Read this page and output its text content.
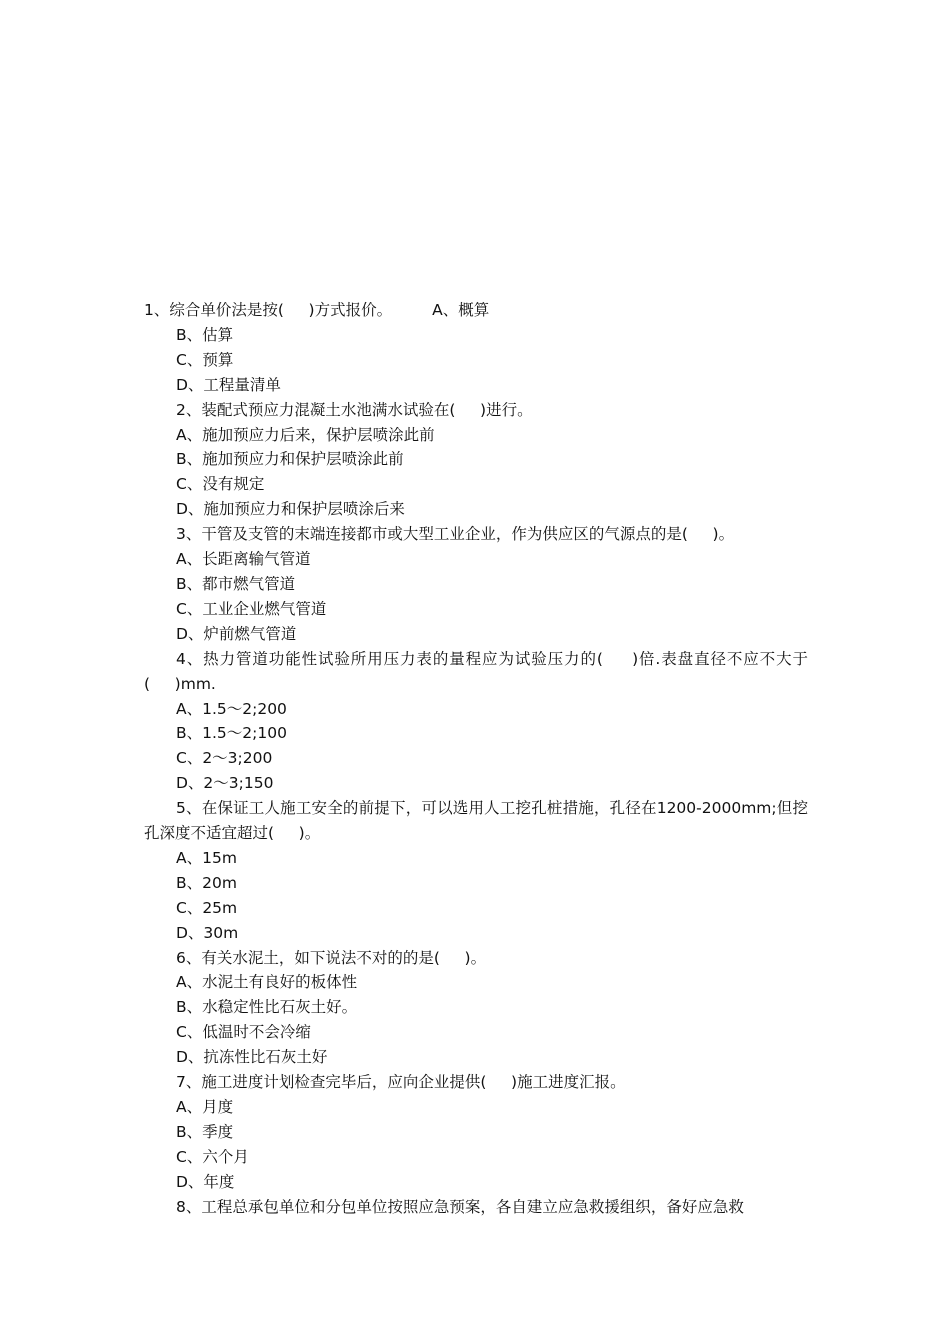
1、综合单价法是按(     )方式报价。	A、概算
B、估算
C、预算
D、工程量清单
2、装配式预应力混凝土水池满水试验在(     )进行。
A、施加预应力后来，保护层喷涂此前
B、施加预应力和保护层喷涂此前
C、没有规定
D、施加预应力和保护层喷涂后来
3、干管及支管的末端连接都市或大型工业企业，作为供应区的气源点的是(     )。
A、长距离输气管道
B、都市燃气管道
C、工业企业燃气管道
D、炉前燃气管道
4、热力管道功能性试验所用压力表的量程应为试验压力的(     )倍.表盘直径不应不大于(     )mm.
A、1.5～2;200
B、1.5～2;100
C、2～3;200
D、2～3;150
5、在保证工人施工安全的前提下，可以选用人工挖孔桩措施，孔径在1200-2000mm;但挖孔深度不适宜超过(     )。
A、15m
B、20m
C、25m
D、30m
6、有关水泥土，如下说法不对的的是(     )。
A、水泥土有良好的板体性
B、水稳定性比石灰土好。
C、低温时不会冷缩
D、抗冻性比石灰土好
7、施工进度计划检查完毕后，应向企业提供(     )施工进度汇报。
A、月度
B、季度
C、六个月
D、年度
8、工程总承包单位和分包单位按照应急预案，各自建立应急救援组织，备好应急救
